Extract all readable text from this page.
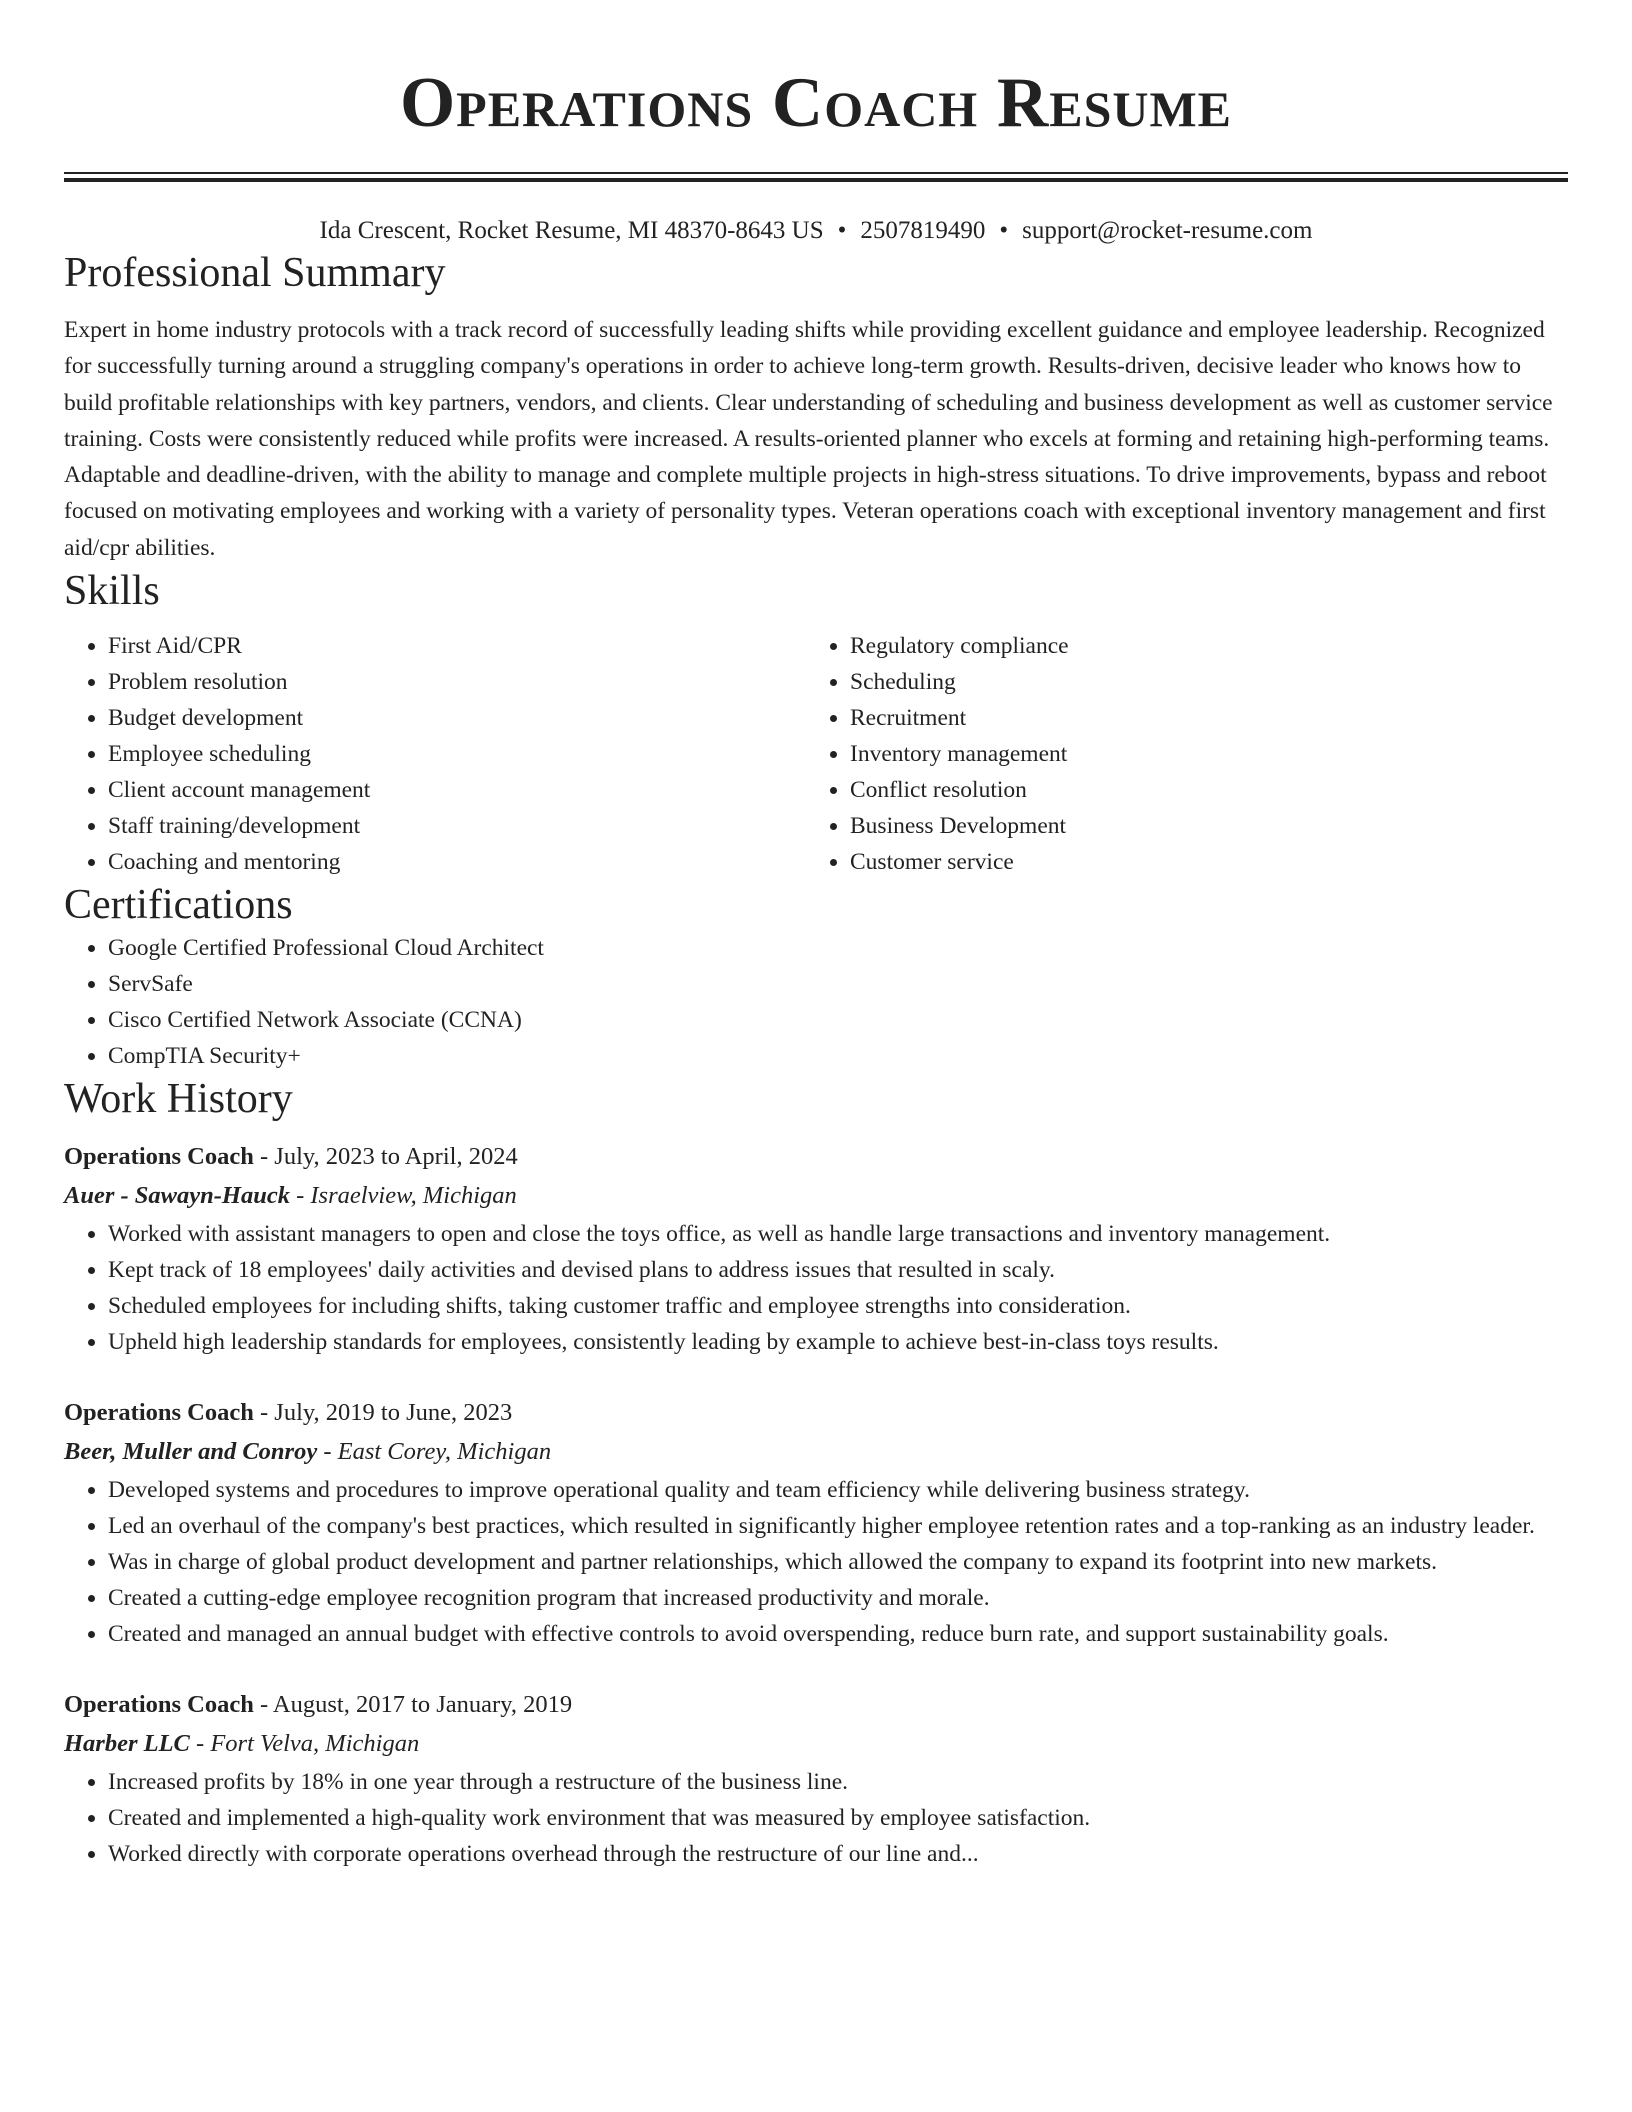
Operations Coach Resume
Ida Crescent, Rocket Resume, MI 48370-8643 US • 2507819490 • support@rocket-resume.com
Professional Summary
Expert in home industry protocols with a track record of successfully leading shifts while providing excellent guidance and employee leadership. Recognized for successfully turning around a struggling company's operations in order to achieve long-term growth. Results-driven, decisive leader who knows how to build profitable relationships with key partners, vendors, and clients. Clear understanding of scheduling and business development as well as customer service training. Costs were consistently reduced while profits were increased. A results-oriented planner who excels at forming and retaining high-performing teams. Adaptable and deadline-driven, with the ability to manage and complete multiple projects in high-stress situations. To drive improvements, bypass and reboot focused on motivating employees and working with a variety of personality types. Veteran operations coach with exceptional inventory management and first aid/cpr abilities.
Skills
• First Aid/CPR
• Problem resolution
• Budget development
• Employee scheduling
• Client account management
• Staff training/development
• Coaching and mentoring
• Regulatory compliance
• Scheduling
• Recruitment
• Inventory management
• Conflict resolution
• Business Development
• Customer service
Certifications
• Google Certified Professional Cloud Architect
• ServSafe
• Cisco Certified Network Associate (CCNA)
• CompTIA Security+
Work History
Operations Coach - July, 2023 to April, 2024
Auer - Sawayn-Hauck - Israelview, Michigan
• Worked with assistant managers to open and close the toys office, as well as handle large transactions and inventory management.
• Kept track of 18 employees' daily activities and devised plans to address issues that resulted in scaly.
• Scheduled employees for including shifts, taking customer traffic and employee strengths into consideration.
• Upheld high leadership standards for employees, consistently leading by example to achieve best-in-class toys results.
Operations Coach - July, 2019 to June, 2023
Beer, Muller and Conroy - East Corey, Michigan
• Developed systems and procedures to improve operational quality and team efficiency while delivering business strategy.
• Led an overhaul of the company's best practices, which resulted in significantly higher employee retention rates and a top-ranking as an industry leader.
• Was in charge of global product development and partner relationships, which allowed the company to expand its footprint into new markets.
• Created a cutting-edge employee recognition program that increased productivity and morale.
• Created and managed an annual budget with effective controls to avoid overspending, reduce burn rate, and support sustainability goals.
Operations Coach - August, 2017 to January, 2019
Harber LLC - Fort Velva, Michigan
• Increased profits by 18% in one year through a restructure of the business line.
• Created and implemented a high-quality work environment that was measured by employee satisfaction.
• Worked directly with corporate operations overhead through the restructure of our line and...
